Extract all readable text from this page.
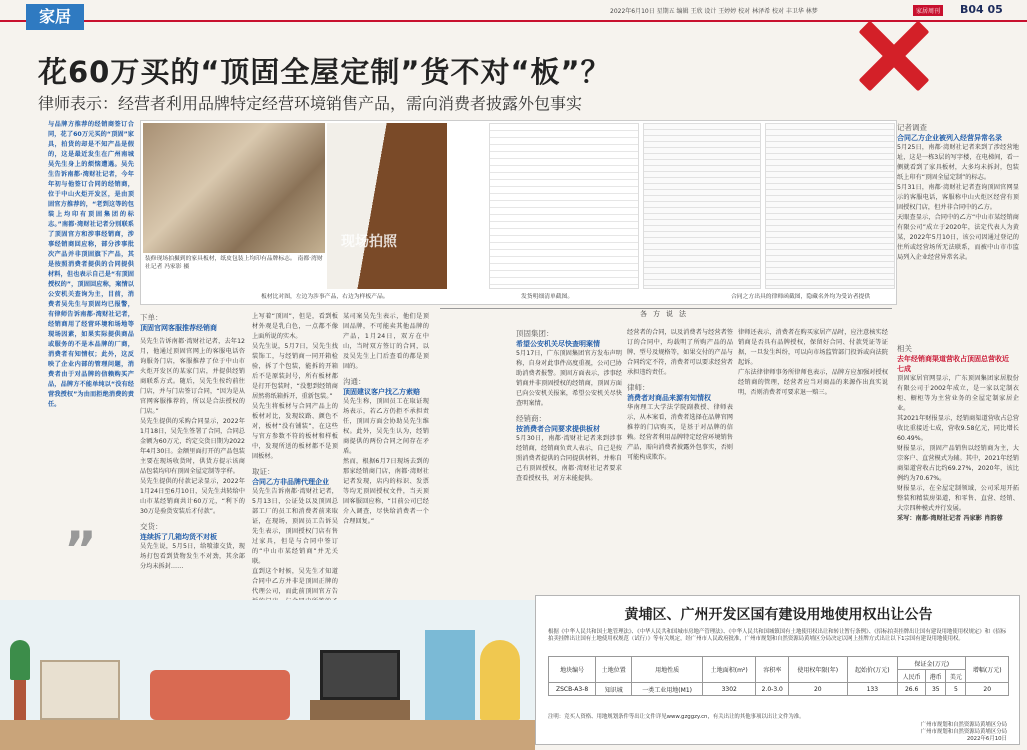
家居	2022年6月10日 星期五 编辑 王欣 设计 王婷婷 校对 林泽希 校对 丰卫华 林梦	家居周刊 B04 05
花60万买的“顶固全屋定制”货不对“板”？
律师表示：经营者利用品牌特定经营环境销售产品，需向消费者披露外包事实
与品牌方推荐的经销商签订合同，花了60万元买的“顶固”家具，拍货的却是不知产品是假的，这是最近发生在广州南城吴先生身上的烦恼遭遇。吴先生告诉南都·湾财社记者，今年年初与他签订合同的经销商，位于中山火炬开发区，是由顶固官方推荐的，“老到这等的包装上均印有顶固集团的标志。”南都·湾财社记者分别联系了顶固官方和涉事经销商，涉事经销商回应称，部分涉事批次产品并非顶固旗下产品，其是按照消费者提供的合同提供材料，但也表示自己是“有顶固授权的”，顶固回应称，案情以公安机关查询为主，目前，消费者吴先生与顶固均已报警，有律师告诉南都·湾财社记者，经销商用了经营环境和场地等现场因素，如果实际提供商品或服务的不是本品牌的厂商，消费者有知情权；此外，这反映了企业内部的管理问题，消费者由于对品牌的信赖购买产品，品牌方不能单纯以“没有经营我授权”为由而拒绝消费的责任。
”
装修现场拍摄到的家具板材，纸皮包装上均印有品牌标志。 南都·湾财社记者 冯家影 摄
板材比对图，左边为涉事产品，右边为样板产品。
现场拍照
发货明细清单截图。	合同之方出具的律师函截图，隐藏名外均为受访者提供
下单：
顶固官网客服推荐经销商

吴先生告诉南都·湾财社记者，去年12月，他通过顶固官网上的客服电话咨询服务门店，客服推荐了位于中山市火炬开发区的某家门店，并提供经销商联系方式。随后，吴先生按约前往门店，并与门店签订合同，“因为是从官网客服推荐的，所以是合法授权的门店。”

吴先生提供的采购合同显示，2022年1月18日，吴先生签署了合同，合同总金额为60万元，约定交货日期为2022年4月30日。金额里面打开的产品包装主要在现场收货时，供货方提示该商品包装均印有顶固全屋定制等字样。

吴先生提供的付款记录显示，2022年1月24日至6月10日，吴先生共转给中山市某经销商共计60万元，“利下的30万是验货安装后才付款”。

交货：
连续拆了几箱均货不对板

吴先生说，5月5日，给喷漆交货，现场打包看到货物发生不对劲，其余部分均未拆封……

上写着“顶固”，但是，看到板材外观是乳白色，一点都不像上面所说的实木。

吴先生说，5月7日，吴先生找装饰工，与经销商一同开箱检验，拆了个包装，能拆的开箱后不是原装封号，所有板材都是打开包装时，“没想到经销商居然将纸箱拆开，重新包装。”

吴先生将板材与合同产品上的板材对比，发现纹路、颜色不对，板材“没有铺装”，在这些与官方参数不符的板材和样板中，发现所送的板材都不是顶固板材。

取证：
合同乙方非品牌代理企业

吴先生告诉南都·湾财社记者，5月13日，公证处以及顶固总部工厂的员工和消费者前来取证，在现场，顶固员工告诉吴先生表示，顶固授权门店有售过家具，但是与合同中签订的“中山市某经销商”并无关联。

直到这个时候，吴先生才知道合同中乙方并非是顶固正牌的代理公司，而此前顶固官方告

某司案吴先生表示，他们是顶固品牌，不可能卖其他品牌的产品，1月24日，双方在中山，当时双方签订的合同，以及吴先生上门后查看的都是顶固的。

沟通：
顶固建议客户找乙方索赔

吴先生称，顶固员工在取证现场表示，若乙方仍拒不承担责任，顶固方面会协助吴先生维权。此外，吴先生认为，经销商提供的两份合同之间存在矛盾。

然而，根据6月7日现场去到的那家经销商门店，南都·湾财社记者发现，店内的标识、发票等均无顶固授权文件，当天顶固客服回应称，“目前公司已经介入调查，尽快给消费者一个合理回复。”

各方说法
顶固集团：
希望公安机关尽快查明案情

5月17日，广东顶固集团官方发布声明称，自身对此事件高度重视，公司已协助消费者报警。顶固方面表示，涉事经销商并非顶固授权的经销商，顶固方面已向公安机关报案，希望公安机关尽快查明案情。

经销商：
按消费者合同要求提供板材

5月30日，南都·湾财社记者来到涉事经销商，经销商负责人表示，自己是按照消费者提供的合同提供材料，并称自己有顶固授权，南都·湾财社记者要求查看授权书，对方未能提供。

经营者的合同，以及消费者与经营者签订的合同中，均载明了所购产品的品牌、型号及规格等，如果交付的产品与合同约定不符，消费者可以要求经营者承担违约责任。

律师：
消费者对商品来源有知情权

华南理工大学法学院副教授、律师表示，从本案看，消费者选择在品牌官网推荐的门店购买，是基于对品牌的信赖。经营者利用品牌特定经营环境销售产品，需向消费者披露外包事实，否则可能构成欺诈。

律师还表示，消费者在购买家居产品时，应注意核实经销商是否具有品牌授权，保留好合同、付款凭证等证据，一旦发生纠纷，可以向市场监管部门投诉或向法院起诉。

广东法律律师事务所律师也表示，品牌方应加强对授权经销商的管理，经营者应当对商品的来源作出真实说明，否则消费者可要求退一赔三。

记者调查
合同乙方企业被列入经营异常名录

5月25日，南都·湾财社记者来到了涉经营地址，这是一栋3层的写字楼，在电梯间，看一侧就看到了家具板材，大多均未拆封，包装纸上印有“顶固全屋定制”的标志。

5月31日，南都·湾财社记者查询顶固官网显示的客服电话，客服称中山火炬区经营有顶固授权门店，但并非合同中的乙方。

天眼查显示，合同中的乙方“中山市某经销商有限公司”成立于2020年，法定代表人为黄某，2022年5月10日，该公司因通过登记的住所或经营场所无法联系，而被中山市市监局列入企业经营异常名录。

相关
去年经销商渠道营收占顶固总营收近七成

顶固家居官网显示，广东顶固集团家居股份有限公司于2002年成立，是一家以定制衣柜、橱柜等为主营业务的全屋定制家居企业。

其2021年财报显示，经销商渠道营收占总营收比重接近七成，营收9.58亿元，同比增长60.49%。

财报显示，顶固产品销售以经销商为主，大宗客户、直营模式为辅。其中，2021年经销商渠道营收占比约69.27%，2020年，该比例约为70.67%。

财报显示，在全屋定制领域，公司采用开拓整装和精装房渠道，和零售、直营、经销、大宗四种模式并行发展。

采写：南都·湾财社记者 冯家影 肖韵蓉

黄埔区、广州开发区国有建设用地使用权出让公告
根据《中华人民共和国土地管理法》、《中华人民共和国城市房地产管理法》、《中华人民共和国城镇国有土地使用权出让和转让暂行条例》、《招标拍卖挂牌出让国有建设用地使用权规定》和《招标拍卖挂牌出让国有土地使用权规范（试行）》等有关规定，经广州市人民政府批准，广州市规划和自然资源局黄埔区分局决定以网上挂牌方式出让以下1宗国有建设用地使用权。
地块编号	土地位置	用地性质	土地面积(m²)	容积率	使用权年限(年)	起始价(万元)	保证金(万元)			增幅(万元)
							人民币	港币	美元	
ZSCB-A3-8	知识城	一类工业用地(M1)	3302	2.0-3.0	20	133	26.6	35	5	20
注明：竞买人资格、用地规划条件等出让文件详见www.gzggzy.cn，有关出让的其他事项以出让文件为准。
广州市规划和自然资源局黄埔区分局
广州市规划和自然资源局黄埔区分局
2022年6月10日
